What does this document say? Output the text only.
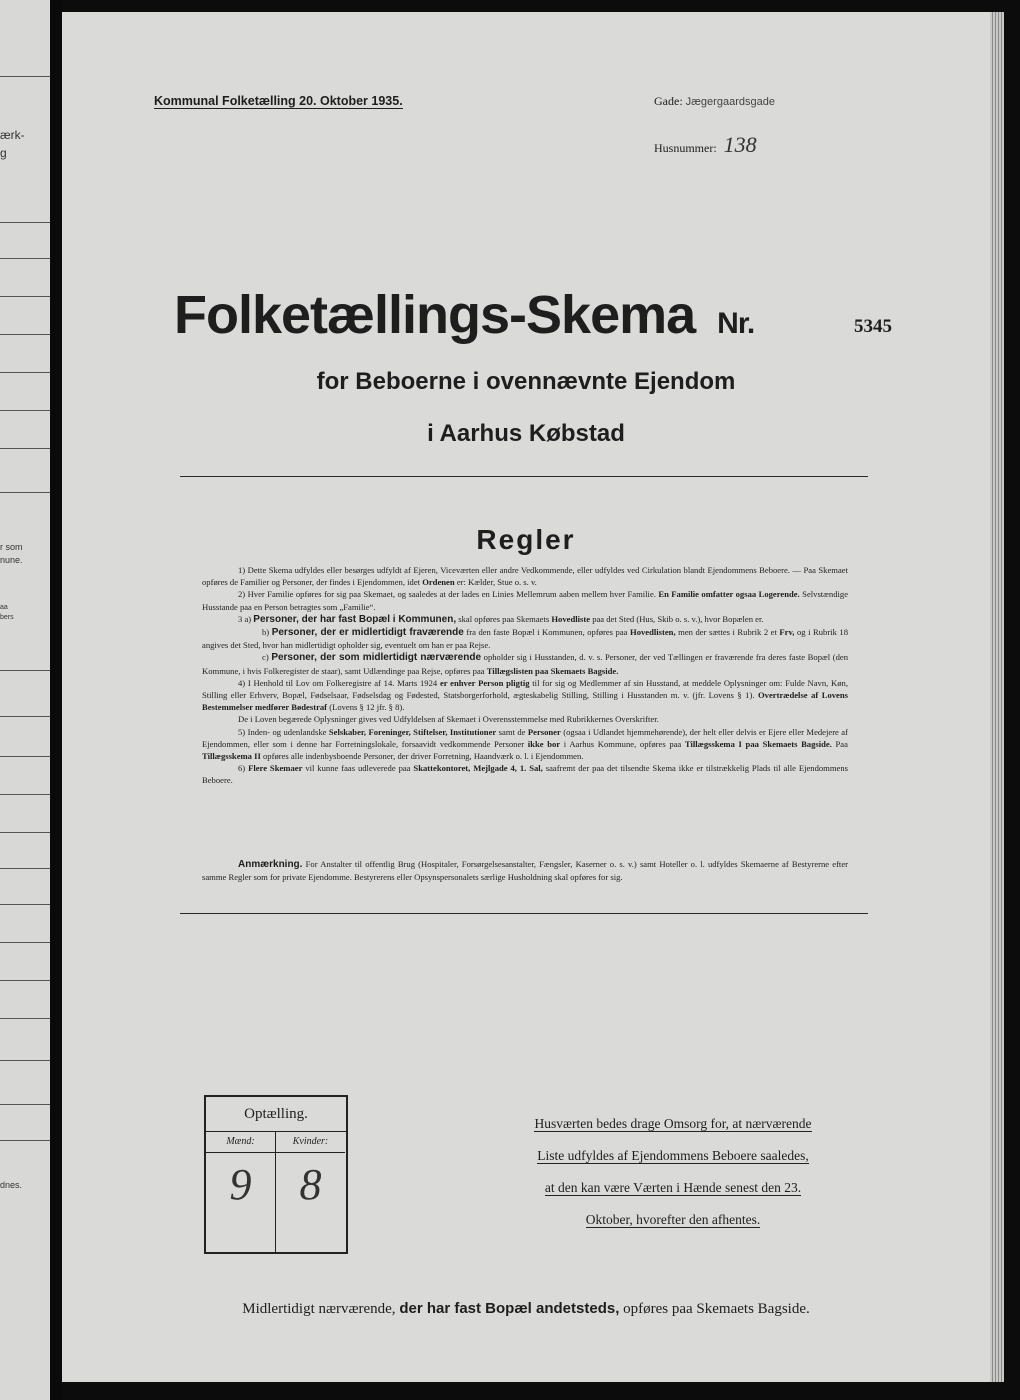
ærk-
g
r som
nune.
aa
bers
dnes.
Kommunal Folketælling 20. Oktober 1935.	Gade: Jægergaardsgade
Husnummer: 138
Folketællings-Skema Nr.	5345
for Beboerne i ovennævnte Ejendom
i Aarhus Købstad
Regler

1) Dette Skema udfyldes eller besørges udfyldt af Ejeren, Viceværten eller andre Vedkommende, eller udfyldes ved Cirkulation blandt Ejendommens Beboere. — Paa Skemaet opføres de Familier og Personer, der findes i Ejendommen, idet Ordenen er: Kælder, Stue o. s. v.

2) Hver Familie opføres for sig paa Skemaet, og saaledes at der lades en Linies Mellemrum aaben mellem hver Familie. En Familie omfatter ogsaa Logerende. Selvstændige Husstande paa en Person betragtes som „Familie“.

3 a) Personer, der har fast Bopæl i Kommunen, skal opføres paa Skemaets Hovedliste paa det Sted (Hus, Skib o. s. v.), hvor Bopælen er.

b) Personer, der er midlertidigt fraværende fra den faste Bopæl i Kommunen, opføres paa Hovedlisten, men der sættes i Rubrik 2 et Frv, og i Rubrik 18 angives det Sted, hvor han midlertidigt opholder sig, eventuelt om han er paa Rejse.

c) Personer, der som midlertidigt nærværende opholder sig i Husstanden, d. v. s. Personer, der ved Tællingen er fraværende fra deres faste Bopæl (den Kommune, i hvis Folkeregister de staar), samt Udlændinge paa Rejse, opføres paa Tillægslisten paa Skemaets Bagside.

4) I Henhold til Lov om Folkeregistre af 14. Marts 1924 er enhver Person pligtig til for sig og Medlemmer af sin Husstand, at meddele Oplysninger om: Fulde Navn, Køn, Stilling eller Erhverv, Bopæl, Fødselsaar, Fødselsdag og Fødested, Statsborgerforhold, ægteskabelig Stilling, Stilling i Husstanden m. v. (jfr. Lovens § 1). Overtrædelse af Lovens Bestemmelser medfører Bødestraf (Lovens § 12 jfr. § 8).

De i Loven begærede Oplysninger gives ved Udfyldelsen af Skemaet i Overensstemmelse med Rubrikkernes Overskrifter.

5) Inden- og udenlandske Selskaber, Foreninger, Stiftelser, Institutioner samt de Personer (ogsaa i Udlandet hjemmehørende), der helt eller delvis er Ejere eller Medejere af Ejendommen, eller som i denne har Forretningslokale, forsaavidt vedkommende Personer ikke bor i Aarhus Kommune, opføres paa Tillægsskema I paa Skemaets Bagside. Paa Tillægsskema II opføres alle indenbysboende Personer, der driver Forretning, Haandværk o. l. i Ejendommen.

6) Flere Skemaer vil kunne faas udleverede paa Skattekontoret, Mejlgade 4, 1. Sal, saafremt der paa det tilsendte Skema ikke er tilstrækkelig Plads til alle Ejendommens Beboere.

Anmærkning. For Anstalter til offentlig Brug (Hospitaler, Forsørgelsesanstalter, Fængsler, Kaserner o. s. v.) samt Hoteller o. l. udfyldes Skemaerne af Bestyrerne efter samme Regler som for private Ejendomme. Bestyrerens eller Opsynspersonalets særlige Husholdning skal opføres for sig.
Optælling.
Mænd:
9
Kvinder:
8
Husværten bedes drage Omsorg for, at nærværende
Liste udfyldes af Ejendommens Beboere saaledes,
at den kan være Værten i Hænde senest den 23.
Oktober, hvorefter den afhentes.
Midlertidigt nærværende, der har fast Bopæl andetsteds, opføres paa Skemaets Bagside.
